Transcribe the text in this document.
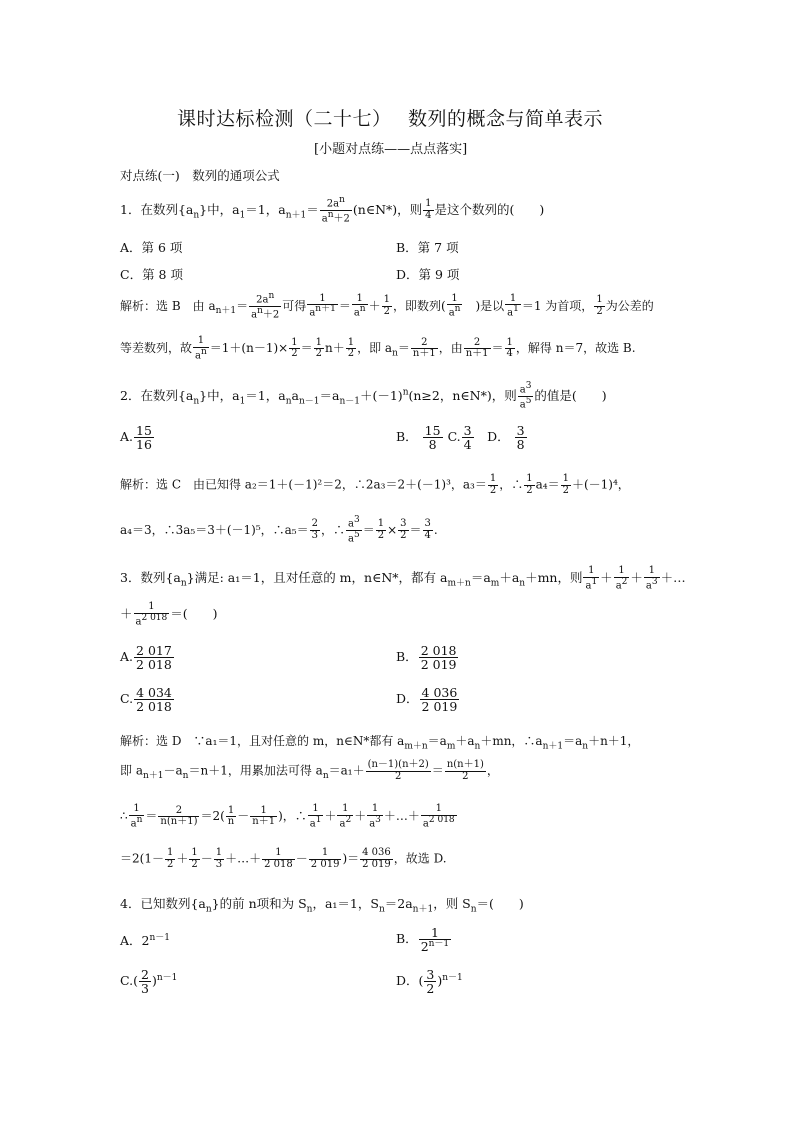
课时达标检测（二十七）　 数列的概念与简单表示
[小题对点练——点点落实]
对点练(一)　数列的通项公式
1．在数列$\{a_n\}$中，$a_1=1$，$a_{n+1}= \frac{2a^n}{a^n+2}$ (n∈N*)，则 $\frac{1}{4}$ 是这个数列的(　　)
A．第 6 项	B．第 7 项
C．第 8 项	D．第 9 项
解析：选 B　由 $a_{n+1}= \frac{2a^n}{a^n+2}$ 可得 $\frac{1}{a^{n+1}} = \frac{1}{a^n} + \frac{1}{2}$ ，即数列( $\frac{1}{a^n}$ 　)是以 $\frac{1}{a^1} =1$ 为首项， $\frac{1}{2}$ 为公差的
等差数列，故 $\frac{1}{a^n} =1+(n-1)\times \frac{1}{2} = \frac{1}{2} n+ \frac{1}{2}$ ，即 $a_n= \frac{2}{n+1}$ ，由 $\frac{2}{n+1} = \frac{1}{4}$ ，解得 n＝7，故选 B.
2．在数列$\{a_n\}$中，$a_1=1$，$a_na_{n-1}=a_{n-1}+(-1)^n(n\ge 2$，n∈N*)，则 $\frac{a^3}{a^5}$ 的值是(　　)
A. $\frac{15}{16}$	B． $\frac{15}{8} C$. $\frac{3}{4}$
　 D． $\frac{3}{8}$
解析：选 C　由已知得 a₂＝1＋(－1)²＝2，∴2a₃＝2＋(－1)³，$a_3= \frac{1}{2}$ ，∴ $\frac{1}{2} a_4= \frac{1}{2} +(-1)^4$，
a₄＝3，∴3a₅＝3＋(－1)⁵，∴a₅＝ $\frac{2}{3}$ ，∴ $\frac{a^3}{a^5} = \frac{1}{2} \times \frac{3}{2} = \frac{3}{4}$ .
3．数列$\{a_n\}$满足: a₁＝1，且对任意的 m，n∈N*，都有 $a_{m+n}=a_m+a_n+mn$，则 $\frac{1}{a^1} + \frac{1}{a^2} + \frac{1}{a^3}$ ＋…
＋ $\frac{1}{a^{2 018}}$ ＝(　　)
A. $\frac{2 017}{2 018}$	B． $\frac{2 018}{2 019}$
C. $\frac{4 034}{2 018}$	D． $\frac{4 036}{2 019}$
解析：选 D　∵a₁＝1，且对任意的 m，n∈N*都有 $a_{m+n}=a_m+a_n+mn$，$\therefore a_{n+1}=a_n+n+1$，
即 $a_{n+1}-a_n=n+1$，用累加法可得 $a_n=a_1+ \frac{(n-1)(n+2)}{2} = \frac{n(n+1)}{2}$ ，
∴ $\frac{1}{a^n} = \frac{2}{n(n+1)} =2( \frac{1}{n} - \frac{1}{n+1}$ )，∴ $\frac{1}{a^1} + \frac{1}{a^2} + \frac{1}{a^3}$ ＋…＋ $\frac{1}{a^{2 018}}$
$=2(1- \frac{1}{2} + \frac{1}{2} - \frac{1}{3}$ ＋…＋ $\frac{1}{2 018} - \frac{1}{2 019}$ )＝ $\frac{4 036}{2 019}$ ，故选 D.
4．已知数列$\{a_n\}$的前 n项和为 $S_n$，a₁＝1，$S_n=2a_{n+1}$，则 $S_n=$(　　)
A．$2^{n-1}$	B． $\frac{1}{2^{n-1}}$
$C.( \frac{2}{3} )^{n-1}$	D．( $\frac{3}{2} )^{n-1}$
